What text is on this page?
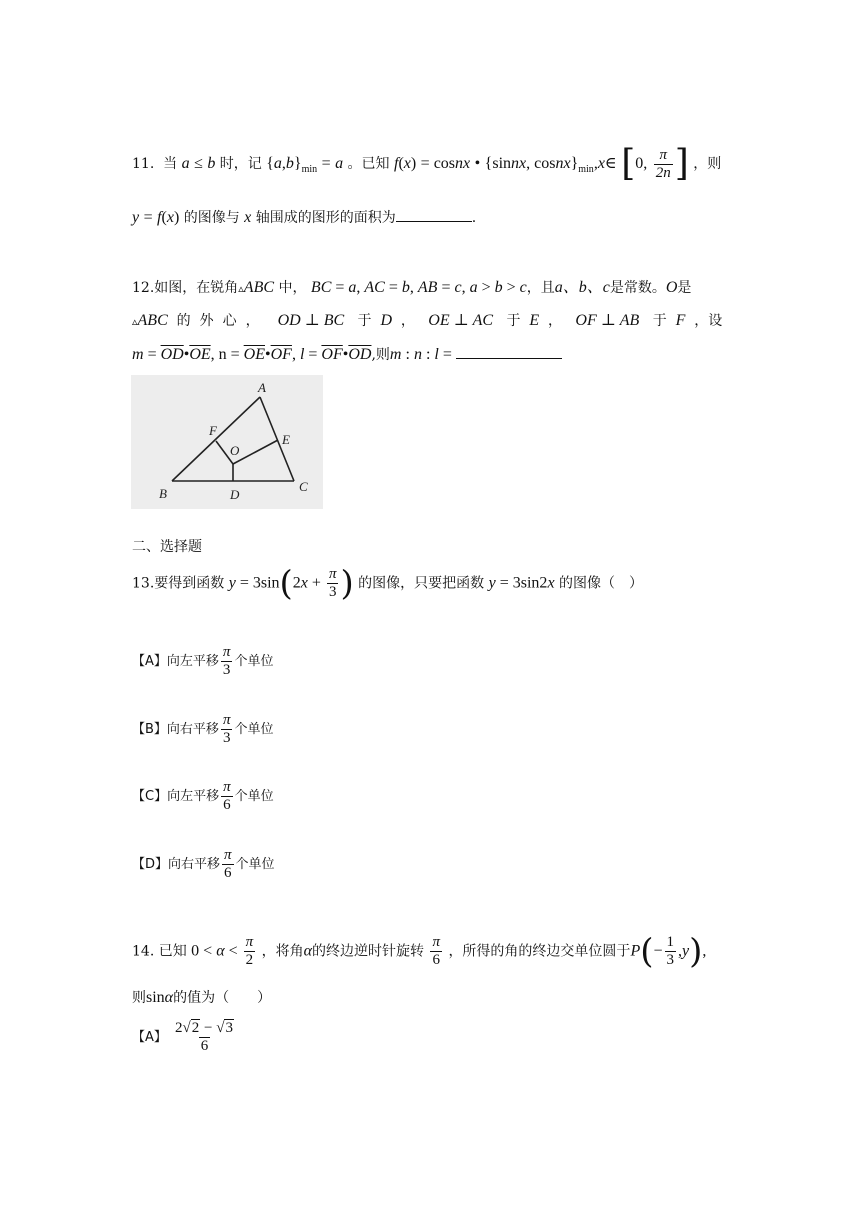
11. 当 a ≤ b 时，记 $\{a,b\}_{min} = a$ 。已知 f(x) = cosnx • {sinnx, $cosnx\}_{min},x\in$ [0, $\frac{\pi}{2n}$ ] ，则
y = f(x) 的图像与 x 轴围成的图形的面积为	.
12.如图，在锐角▵ABC 中， BC = a, AC = b, AB = c, a > b > c，且a、b、c是常数。O是
▵ABC 的外心， OD ⊥ BC 于 D ， OE ⊥ AC 于 E ， OF ⊥ AB 于 F ，设
$m = \overline{OD}•\overline{OE}$, $n = \overline{OE}•\overline{OF}$, $l = \overline{OF}•\overline{OD}$,则m : n : l =
A
B	C
D
E
F
O
二、选择题
13.要得到函数 $y = 3\sin(2x + \frac{\pi}{3}$ ) 的图像，只要把函数 y = 3sin2x 的图像（　）
【A】向左平移 $\frac{\pi}{3}$ 个单位
【B】向右平移 $\frac{\pi}{3}$ 个单位
【C】向左平移 $\frac{\pi}{6}$ 个单位
【D】向右平移 $\frac{\pi}{6}$ 个单位
14. 已知 $0 < \alpha < \frac{\pi}{2}$ ，将角α的终边逆时针旋转 $\frac{\pi}{6}$ ，所得的角的终边交单位圆于$P(- \frac{1}{3} ,y)$,
则sinα的值为（　　）
【A】 $\frac{2√2 - √3}{6}$
